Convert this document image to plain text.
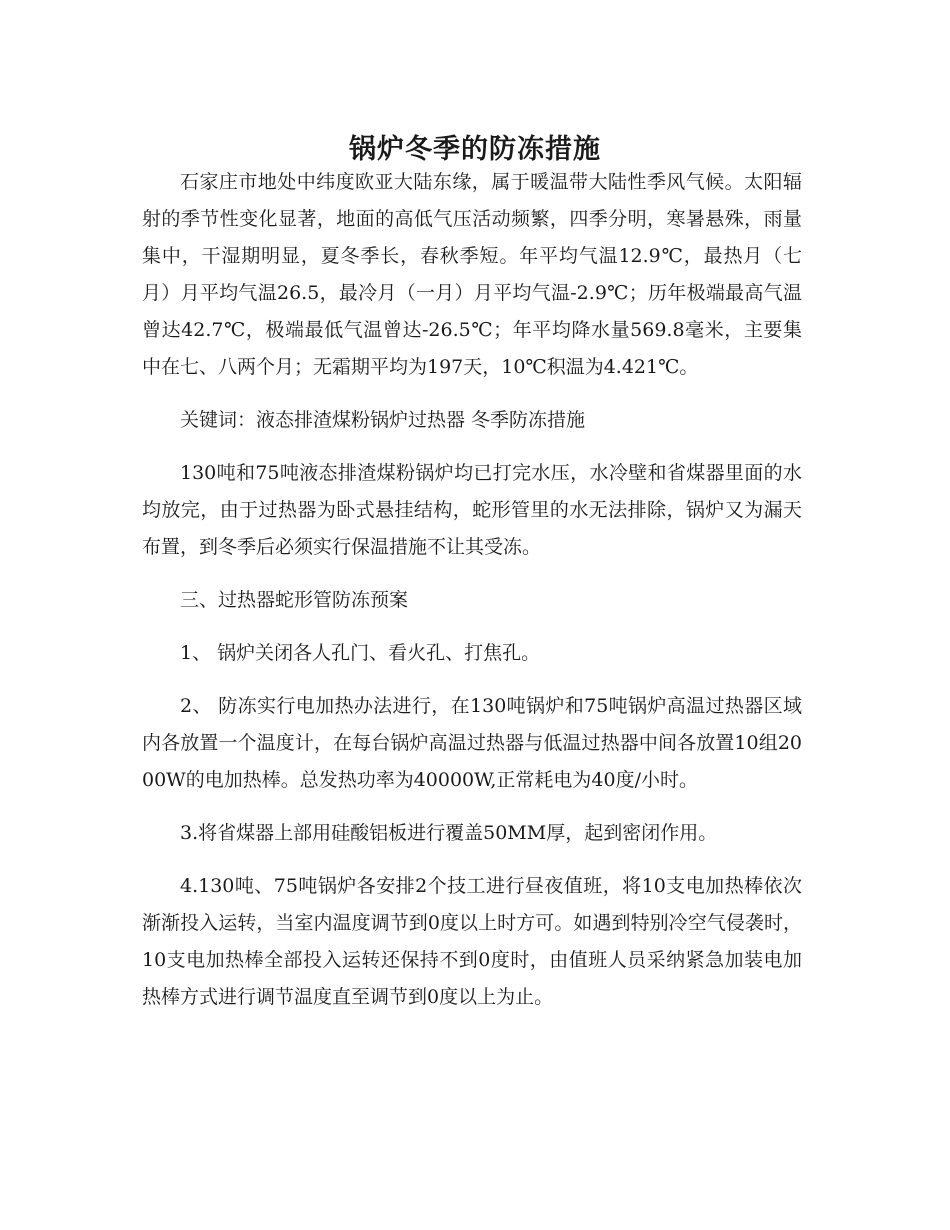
锅炉冬季的防冻措施

石家庄市地处中纬度欧亚大陆东缘，属于暖温带大陆性季风气候。太阳辐射的季节性变化显著，地面的高低气压活动频繁，四季分明，寒暑悬殊，雨量集中，干湿期明显，夏冬季长，春秋季短。年平均气温12.9℃，最热月（七月）月平均气温26.5，最冷月（一月）月平均气温-2.9℃；历年极端最高气温曾达42.7℃，极端最低气温曾达-26.5℃；年平均降水量569.8毫米，主要集中在七、八两个月；无霜期平均为197天，10℃积温为4.421℃。

关键词：液态排渣煤粉锅炉过热器 冬季防冻措施

130吨和75吨液态排渣煤粉锅炉均已打完水压，水冷壁和省煤器里面的水均放完，由于过热器为卧式悬挂结构，蛇形管里的水无法排除，锅炉又为漏天布置，到冬季后必须实行保温措施不让其受冻。

三、过热器蛇形管防冻预案

1、 锅炉关闭各人孔门、看火孔、打焦孔。

2、 防冻实行电加热办法进行，在130吨锅炉和75吨锅炉高温过热器区域内各放置一个温度计，在每台锅炉高温过热器与低温过热器中间各放置10组2000W的电加热棒。总发热功率为40000W,正常耗电为40度/小时。

3.将省煤器上部用硅酸铝板进行覆盖50MM厚，起到密闭作用。

4.130吨、75吨锅炉各安排2个技工进行昼夜值班，将10支电加热棒依次渐渐投入运转，当室内温度调节到0度以上时方可。如遇到特别冷空气侵袭时，10支电加热棒全部投入运转还保持不到0度时，由值班人员采纳紧急加装电加热棒方式进行调节温度直至调节到0度以上为止。
